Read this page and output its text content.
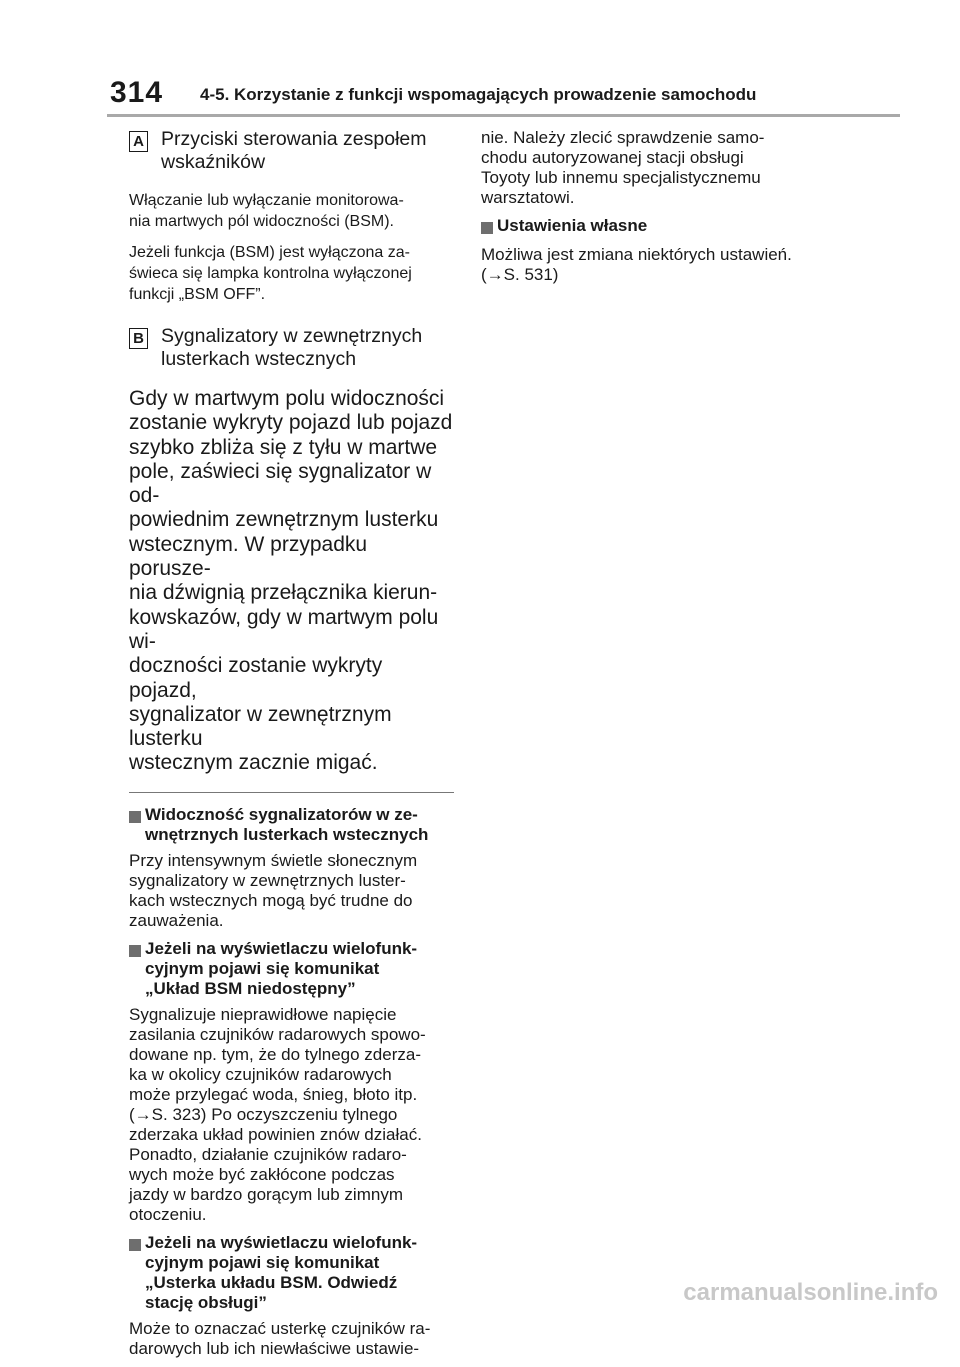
314 4-5. Korzystanie z funkcji wspomagających prowadzenie samochodu
A Przyciski sterowania zespołem
wskaźników
Włączanie lub wyłączanie monitorowa-
nia martwych pól widoczności (BSM).
Jeżeli funkcja (BSM) jest wyłączona za-
świeca się lampka kontrolna wyłączonej
funkcji „BSM OFF”.
B Sygnalizatory w zewnętrznych
lusterkach wstecznych
Gdy w martwym polu widoczności
zostanie wykryty pojazd lub pojazd
szybko zbliża się z tyłu w martwe
pole, zaświeci się sygnalizator w od-
powiednim zewnętrznym lusterku
wstecznym. W przypadku porusze-
nia dźwignią przełącznika kierun-
kowskazów, gdy w martwym polu wi-
doczności zostanie wykryty pojazd,
sygnalizator w zewnętrznym lusterku
wstecznym zacznie migać.
Widoczność sygnalizatorów w ze-
wnętrznych lusterkach wstecznych
Przy intensywnym świetle słonecznym
sygnalizatory w zewnętrznych luster-
kach wstecznych mogą być trudne do
zauważenia.
Jeżeli na wyświetlaczu wielofunk-
cyjnym pojawi się komunikat
„Układ BSM niedostępny”
Sygnalizuje nieprawidłowe napięcie
zasilania czujników radarowych spowo-
dowane np. tym, że do tylnego zderza-
ka w okolicy czujników radarowych
może przylegać woda, śnieg, błoto itp.
(→S. 323) Po oczyszczeniu tylnego
zderzaka układ powinien znów działać.
Ponadto, działanie czujników radaro-
wych może być zakłócone podczas
jazdy w bardzo gorącym lub zimnym
otoczeniu.
Jeżeli na wyświetlaczu wielofunk-
cyjnym pojawi się komunikat
„Usterka układu BSM. Odwiedź
stację obsługi”
Może to oznaczać usterkę czujników ra-
darowych lub ich niewłaściwe ustawie-
nie. Należy zlecić sprawdzenie samo-
chodu autoryzowanej stacji obsługi
Toyoty lub innemu specjalistycznemu
warsztatowi.
Ustawienia własne
Możliwa jest zmiana niektórych ustawień.
(→S. 531)
carmanualsonline.info
